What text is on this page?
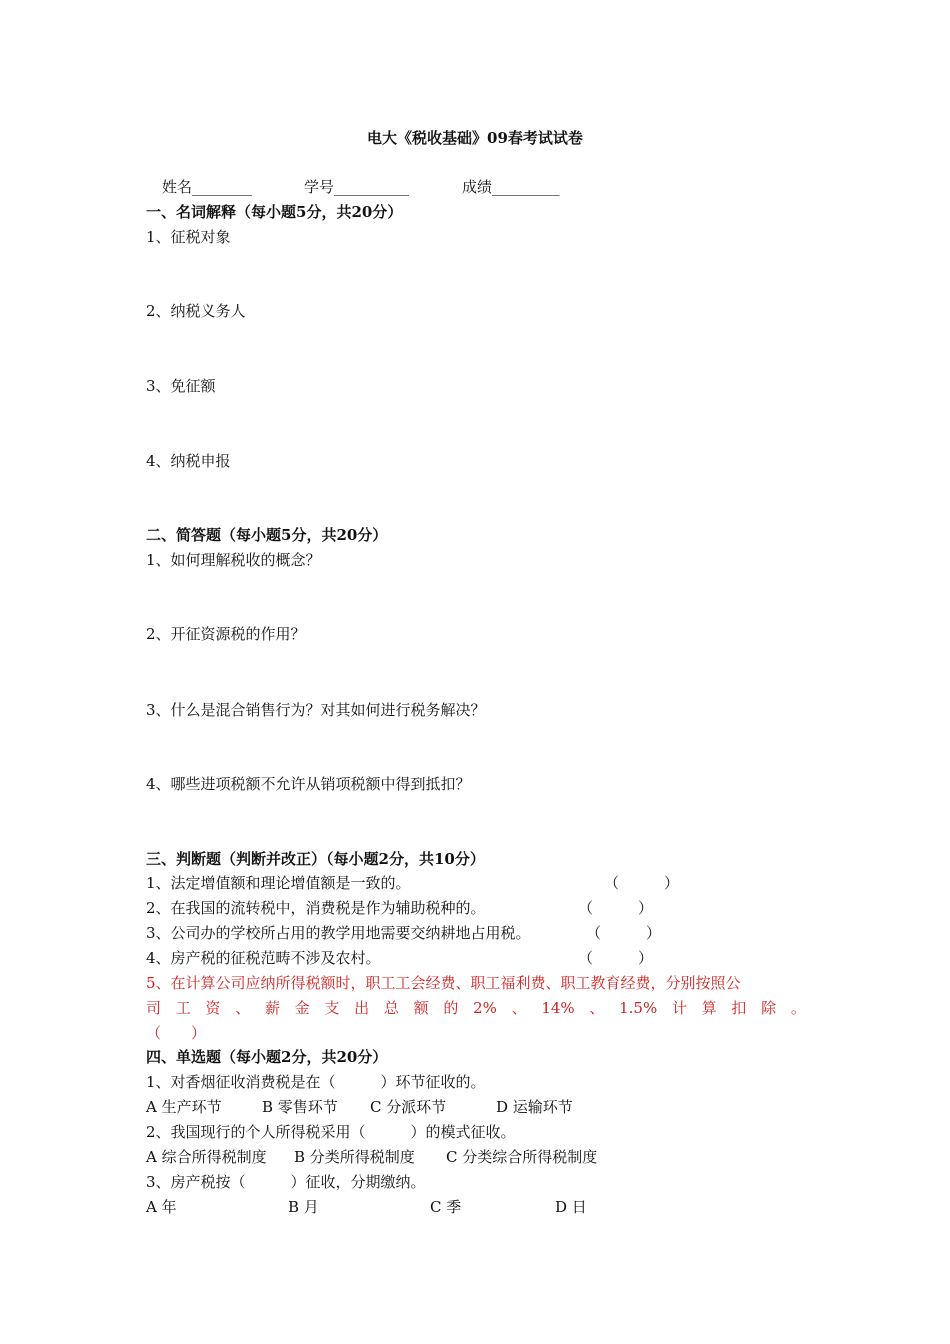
电大《税收基础》09春考试试卷
姓名________	学号__________	成绩_________
一、名词解释（每小题5分，共20分）
1、征税对象
2、纳税义务人
3、免征额
4、纳税申报
二、简答题（每小题5分，共20分）
1、如何理解税收的概念？
2、开征资源税的作用？
3、什么是混合销售行为？对其如何进行税务解决？
4、哪些进项税额不允许从销项税额中得到抵扣？
三、判断题（判断并改正）（每小题2分，共10分）
1、法定增值额和理论增值额是一致的。	（　　　）
2、在我国的流转税中，消费税是作为辅助税种的。	（　　　）
3、公司办的学校所占用的教学用地需要交纳耕地占用税。	（　　　）
4、房产税的征税范畴不涉及农村。	（　　　）
5、在计算公司应纳所得税额时，职工工会经费、职工福利费、职工教育经费，分别按照公
司 工 资 、 薪 金 支 出 总 额 的 2% 、 14% 、 1.5% 计 算 扣 除 。
（　　）
四、单选题（每小题2分，共20分）
1、对香烟征收消费税是在（　　　）环节征收的。
A 生产环节	B 零售环节 C 分派环节	D 运输环节
2、我国现行的个人所得税采用（　　　）的模式征收。
A 综合所得税制度 B 分类所得税制度 C 分类综合所得税制度
3、房产税按（　　　）征收，分期缴纳。
A 年	B 月	C 季	D 日
